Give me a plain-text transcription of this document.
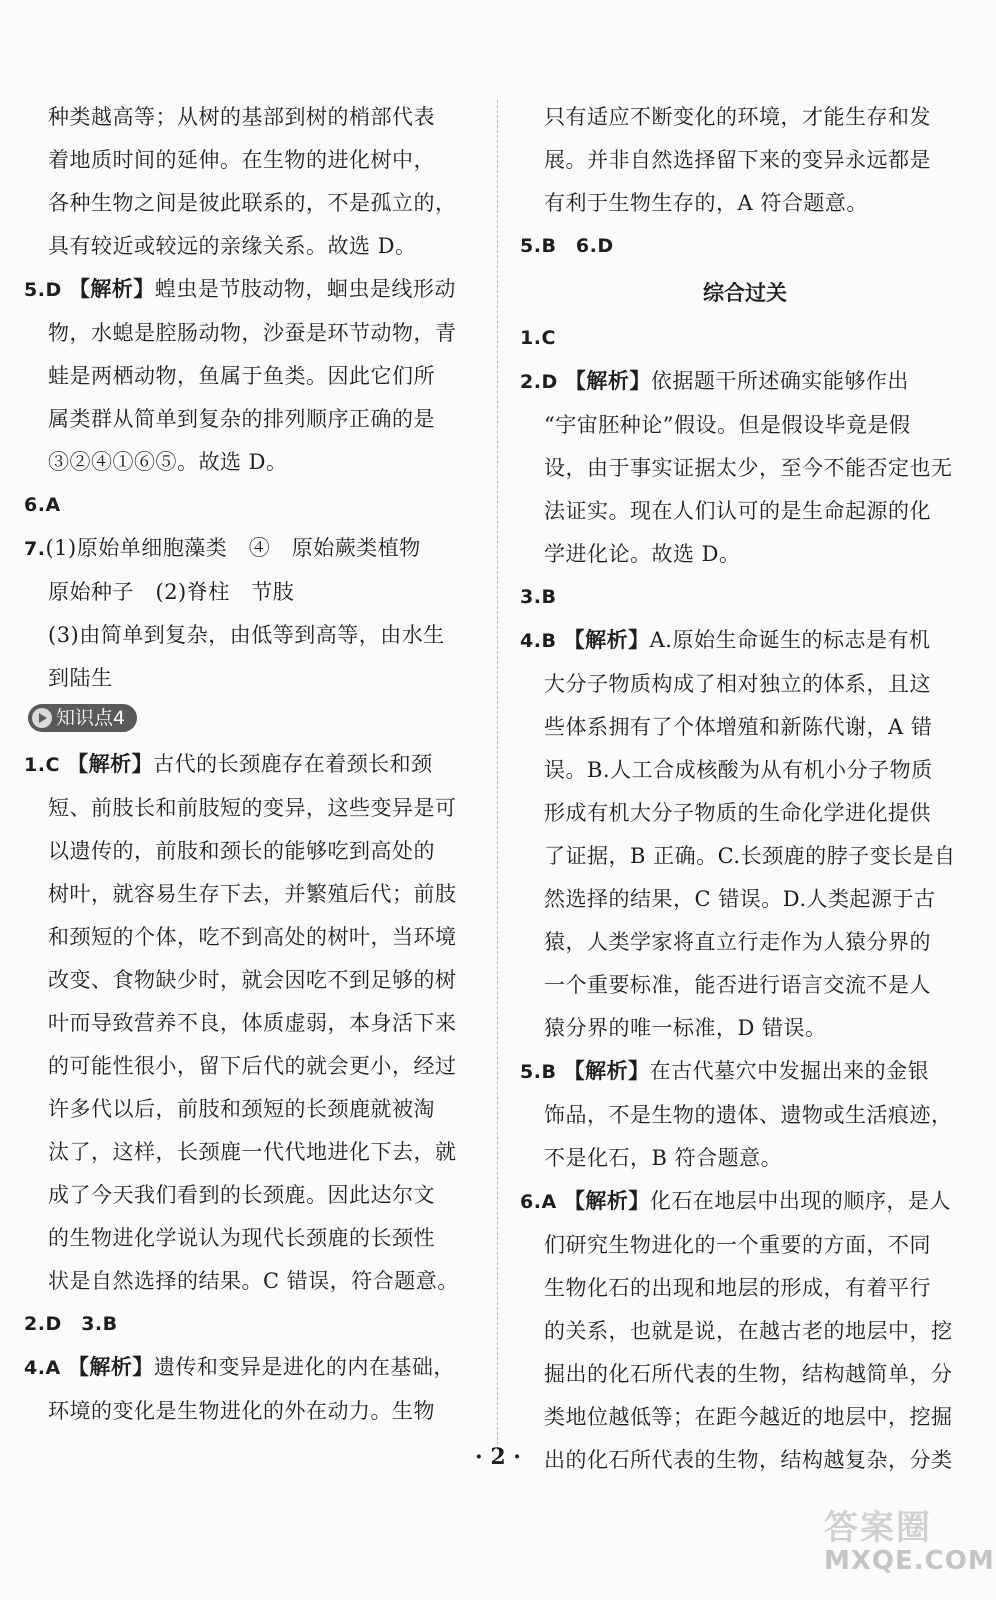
种类越高等；从树的基部到树的梢部代表
着地质时间的延伸。在生物的进化树中，
各种生物之间是彼此联系的，不是孤立的，
具有较近或较远的亲缘关系。故选 D。
5.D 【解析】蝗虫是节肢动物，蛔虫是线形动
物，水螅是腔肠动物，沙蚕是环节动物，青
蛙是两栖动物，鱼属于鱼类。因此它们所
属类群从简单到复杂的排列顺序正确的是
③②④①⑥⑤。故选 D。
6.A
7.(1)原始单细胞藻类　④　原始蕨类植物
原始种子　(2)脊柱　节肢
(3)由简单到复杂，由低等到高等，由水生
到陆生
知识点4
1.C 【解析】古代的长颈鹿存在着颈长和颈
短、前肢长和前肢短的变异，这些变异是可
以遗传的，前肢和颈长的能够吃到高处的
树叶，就容易生存下去，并繁殖后代；前肢
和颈短的个体，吃不到高处的树叶，当环境
改变、食物缺少时，就会因吃不到足够的树
叶而导致营养不良，体质虚弱，本身活下来
的可能性很小，留下后代的就会更小，经过
许多代以后，前肢和颈短的长颈鹿就被淘
汰了，这样，长颈鹿一代代地进化下去，就
成了今天我们看到的长颈鹿。因此达尔文
的生物进化学说认为现代长颈鹿的长颈性
状是自然选择的结果。C 错误，符合题意。
2.D　3.B
4.A 【解析】遗传和变异是进化的内在基础，
环境的变化是生物进化的外在动力。生物
只有适应不断变化的环境，才能生存和发
展。并非自然选择留下来的变异永远都是
有利于生物生存的，A 符合题意。
5.B　6.D
综合过关
1.C
2.D 【解析】依据题干所述确实能够作出
“宇宙胚种论”假设。但是假设毕竟是假
设，由于事实证据太少，至今不能否定也无
法证实。现在人们认可的是生命起源的化
学进化论。故选 D。
3.B
4.B 【解析】A.原始生命诞生的标志是有机
大分子物质构成了相对独立的体系，且这
些体系拥有了个体增殖和新陈代谢，A 错
误。B.人工合成核酸为从有机小分子物质
形成有机大分子物质的生命化学进化提供
了证据，B 正确。C.长颈鹿的脖子变长是自
然选择的结果，C 错误。D.人类起源于古
猿，人类学家将直立行走作为人猿分界的
一个重要标准，能否进行语言交流不是人
猿分界的唯一标准，D 错误。
5.B 【解析】在古代墓穴中发掘出来的金银
饰品，不是生物的遗体、遗物或生活痕迹，
不是化石，B 符合题意。
6.A 【解析】化石在地层中出现的顺序，是人
们研究生物进化的一个重要的方面，不同
生物化石的出现和地层的形成，有着平行
的关系，也就是说，在越古老的地层中，挖
掘出的化石所代表的生物，结构越简单，分
类地位越低等；在距今越近的地层中，挖掘
出的化石所代表的生物，结构越复杂，分类
· 2 ·
答案圈
MXQE.COM
